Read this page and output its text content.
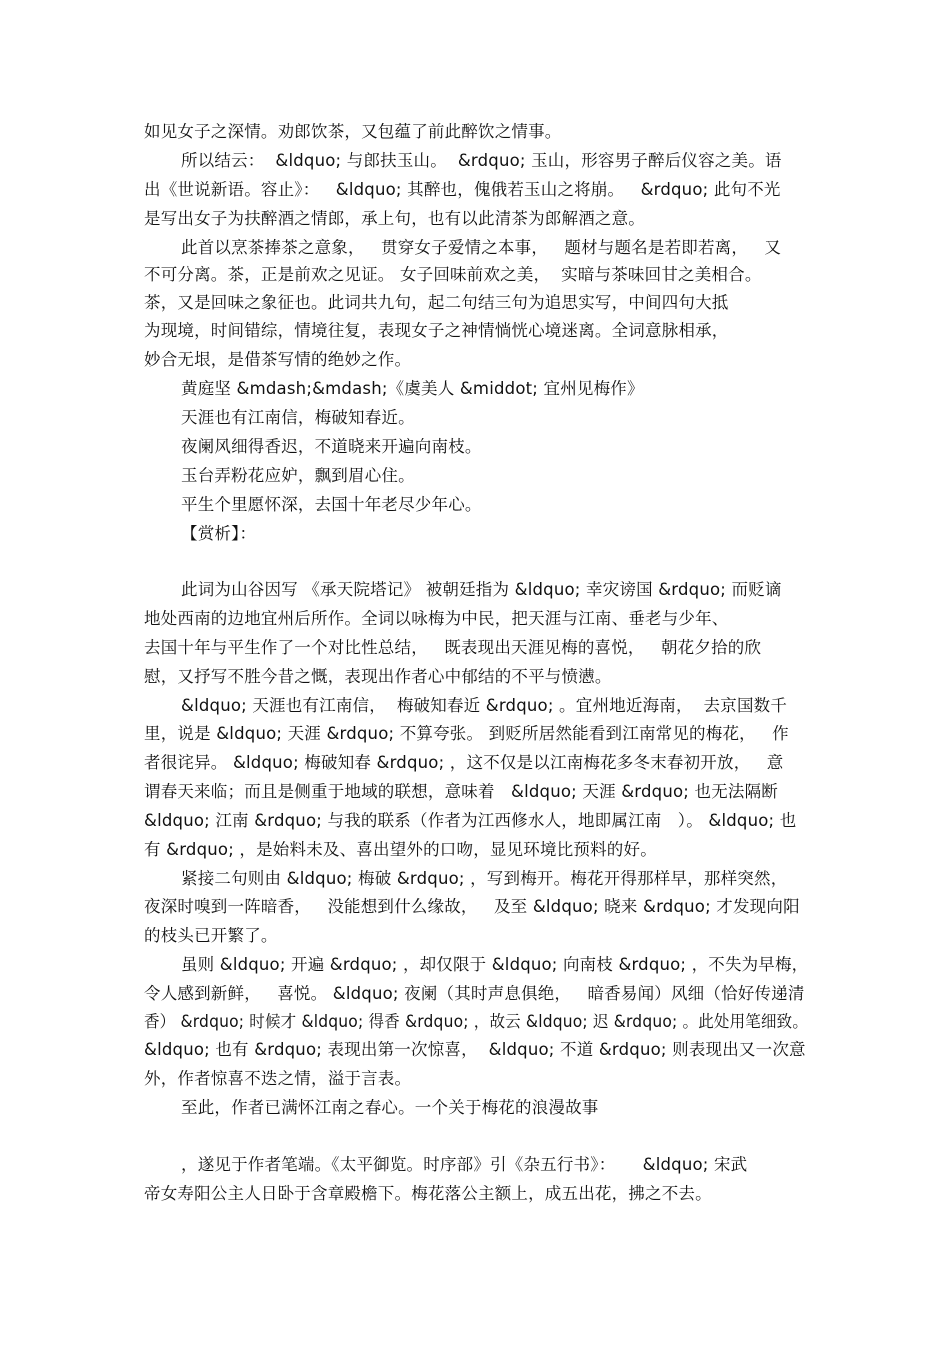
如见女子之深情。劝郎饮茶，又包蕴了前此醉饮之情事。
所以结云：  &ldquo; 与郎扶玉山。  &rdquo; 玉山，形容男子醉后仪容之美。语
出《世说新语。容止》：   &ldquo; 其醉也，傀俄若玉山之将崩。   &rdquo; 此句不光
是写出女子为扶醉酒之情郎，承上句，也有以此清茶为郎解酒之意。
此首以烹茶捧茶之意象，   贯穿女子爱情之本事，   题材与题名是若即若离，   又
不可分离。茶，正是前欢之见证。 女子回味前欢之美，  实暗与茶味回甘之美相合。
茶，又是回味之象征也。此词共九句，起二句结三句为追思实写，中间四句大抵
为现境，时间错综，情境往复，表现女子之神情惝恍心境迷离。全词意脉相承，
妙合无垠，是借茶写情的绝妙之作。
黄庭坚 &mdash;&mdash;《虞美人 &middot; 宜州见梅作》
天涯也有江南信，梅破知春近。
夜阑风细得香迟，不道晓来开遍向南枝。
玉台弄粉花应妒，飘到眉心住。
平生个里愿怀深，去国十年老尽少年心。
【赏析】：
此词为山谷因写 《承天院塔记》 被朝廷指为 &ldquo; 幸灾谤国 &rdquo; 而贬谪
地处西南的边地宜州后所作。全词以咏梅为中民，把天涯与江南、垂老与少年、
去国十年与平生作了一个对比性总结，   既表现出天涯见梅的喜悦，   朝花夕拾的欣
慰，又抒写不胜今昔之慨，表现出作者心中郁结的不平与愤懑。
&ldquo; 天涯也有江南信，  梅破知春近 &rdquo; 。宜州地近海南，  去京国数千
里，说是 &ldquo; 天涯 &rdquo; 不算夸张。 到贬所居然能看到江南常见的梅花，   作
者很诧异。 &ldquo; 梅破知春 &rdquo; ，这不仅是以江南梅花多冬末春初开放，   意
谓春天来临；而且是侧重于地域的联想，意味着   &ldquo; 天涯 &rdquo; 也无法隔断
&ldquo; 江南 &rdquo; 与我的联系（作者为江西修水人，地即属江南   ）。 &ldquo; 也
有 &rdquo; ，是始料未及、喜出望外的口吻，显见环境比预料的好。
紧接二句则由 &ldquo; 梅破 &rdquo; ，写到梅开。梅花开得那样早，那样突然，
夜深时嗅到一阵暗香，   没能想到什么缘故，   及至 &ldquo; 晓来 &rdquo; 才发现向阳
的枝头已开繁了。
虽则 &ldquo; 开遍 &rdquo; ，却仅限于 &ldquo; 向南枝 &rdquo; ，不失为早梅，
令人感到新鲜，   喜悦。 &ldquo; 夜阑（其时声息俱绝，   暗香易闻）风细（恰好传递清
香） &rdquo; 时候才 &ldquo; 得香 &rdquo; ，故云 &ldquo; 迟 &rdquo; 。此处用笔细致。
&ldquo; 也有 &rdquo; 表现出第一次惊喜，  &ldquo; 不道 &rdquo; 则表现出又一次意
外，作者惊喜不迭之情，溢于言表。
至此，作者已满怀江南之春心。一个关于梅花的浪漫故事
，遂见于作者笔端。《太平御览。时序部》引《杂五行书》：     &ldquo; 宋武
帝女寿阳公主人日卧于含章殿檐下。梅花落公主额上，成五出花，拂之不去。
